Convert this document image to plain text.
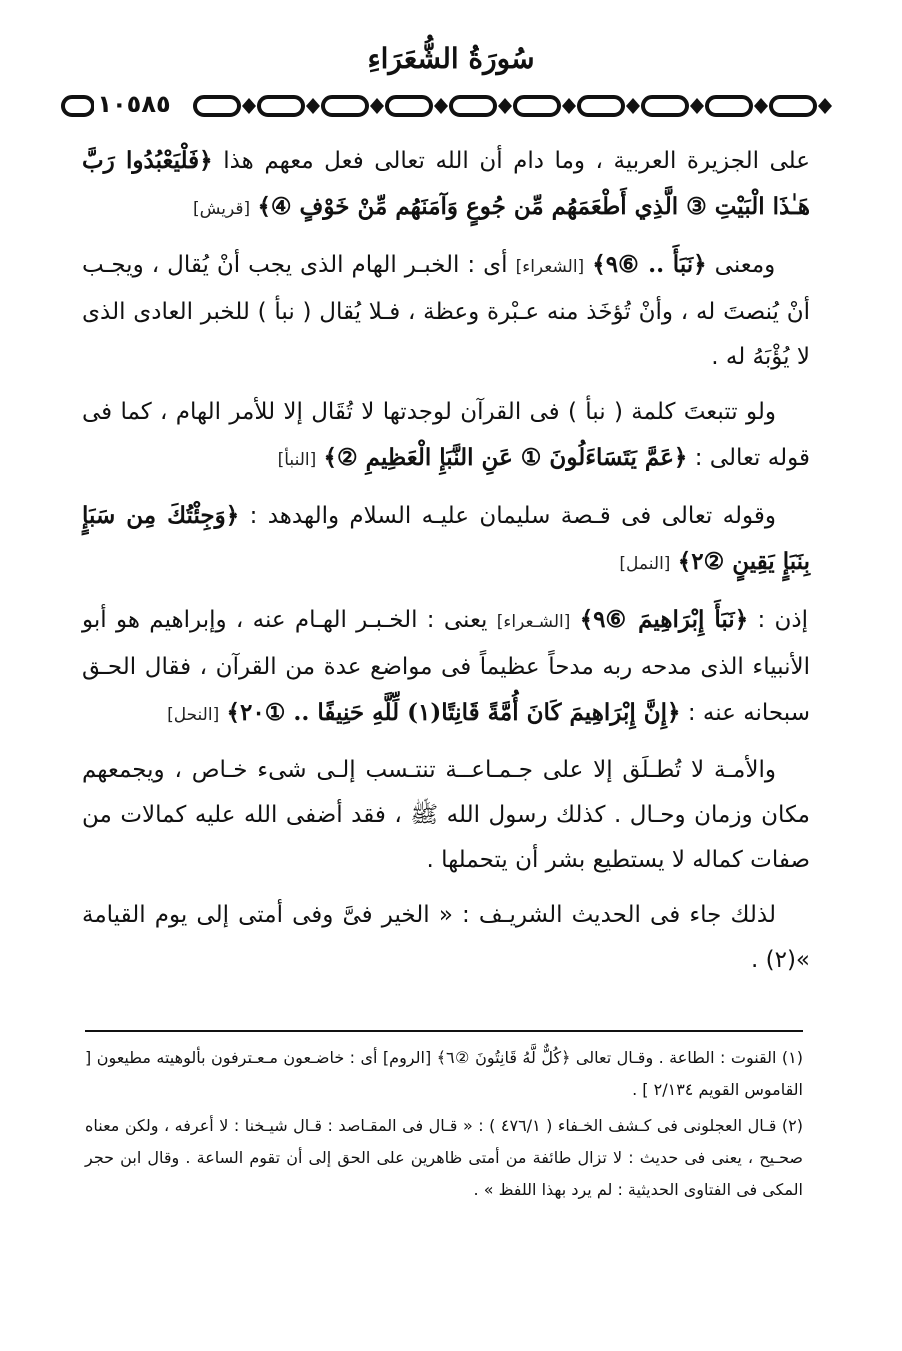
سُورَةُ الشُّعَرَاءِ
١٠٥٨٥

على الجزيرة العربية ، وما دام أن الله تعالى فعل معهم هذا ﴿فَلْيَعْبُدُوا رَبَّ هَـٰذَا الْبَيْتِ ③ الَّذِي أَطْعَمَهُم مِّن جُوعٍ وَآمَنَهُم مِّنْ خَوْفٍ ④﴾ [قريش]

ومعنى ﴿نَبَأَ .. ⑥٩﴾ [الشعراء] أى : الخبـر الهام الذى يجب أنْ يُقال ، ويجـب أنْ يُنصتَ له ، وأنْ تُؤخَذ منه عـبْرة وعظة ، فـلا يُقال ( نبأ ) للخبر العادى الذى لا يُؤْبَهُ له .

ولو تتبعتَ كلمة ( نبأ ) فى القرآن لوجدتها لا تُقَال إلا للأمر الهام ، كما فى قوله تعالى : ﴿عَمَّ يَتَسَاءَلُونَ ① عَنِ النَّبَإِ الْعَظِيمِ ②﴾ [النبأ]

وقوله تعالى فى قـصة سليمان عليـه السلام والهدهد : ﴿وَجِئْتُكَ مِن سَبَإٍ بِنَبَإٍ يَقِينٍ ②٢﴾ [النمل]

إذن : ﴿نَبَأَ إِبْرَاهِيمَ ⑥٩﴾ [الشـعراء] يعنى : الخـبـر الهـام عنه ، وإبراهيم هو أبو الأنبياء الذى مدحه ربه مدحاً عظيماً فى مواضع عدة من القرآن ، فقال الحـق سبحانه عنه : ﴿إِنَّ إِبْرَاهِيمَ كَانَ أُمَّةً قَانِتًا(١) لِّلَّهِ حَنِيفًا .. ①٢٠﴾ [النحل]

والأمـة لا تُطـلَق إلا على جـمـاعــة تنتـسب إلـى شىء خـاص ، ويجمعهم مكان وزمان وحـال . كذلك رسول الله ﷺ ، فقد أضفى الله عليه كمالات من صفات كماله لا يستطيع بشر أن يتحملها .

لذلك جاء فى الحديث الشريـف : « الخير فىَّ وفى أمتى إلى يوم القيامة »(٢) .

(١) القنوت : الطاعة . وقـال تعالى ﴿كُلٌّ لَّهُ قَانِتُونَ ②٦﴾ [الروم] أى : خاضـعون مـعـترفون بألوهيته مطيعون [ القاموس القويم ٢/١٣٤ ] .

(٢) قـال العجلونى فى كـشف الخـفاء ( ٤٧٦/١ ) : « قـال فى المقـاصد : قـال شيـخنا : لا أعرفه ، ولكن معناه صحـيح ، يعنى فى حديث : لا تزال طائفة من أمتى ظاهرين على الحق إلى أن تقوم الساعة . وقال ابن حجر المكى فى الفتاوى الحديثية : لم يرد بهذا اللفظ » .
